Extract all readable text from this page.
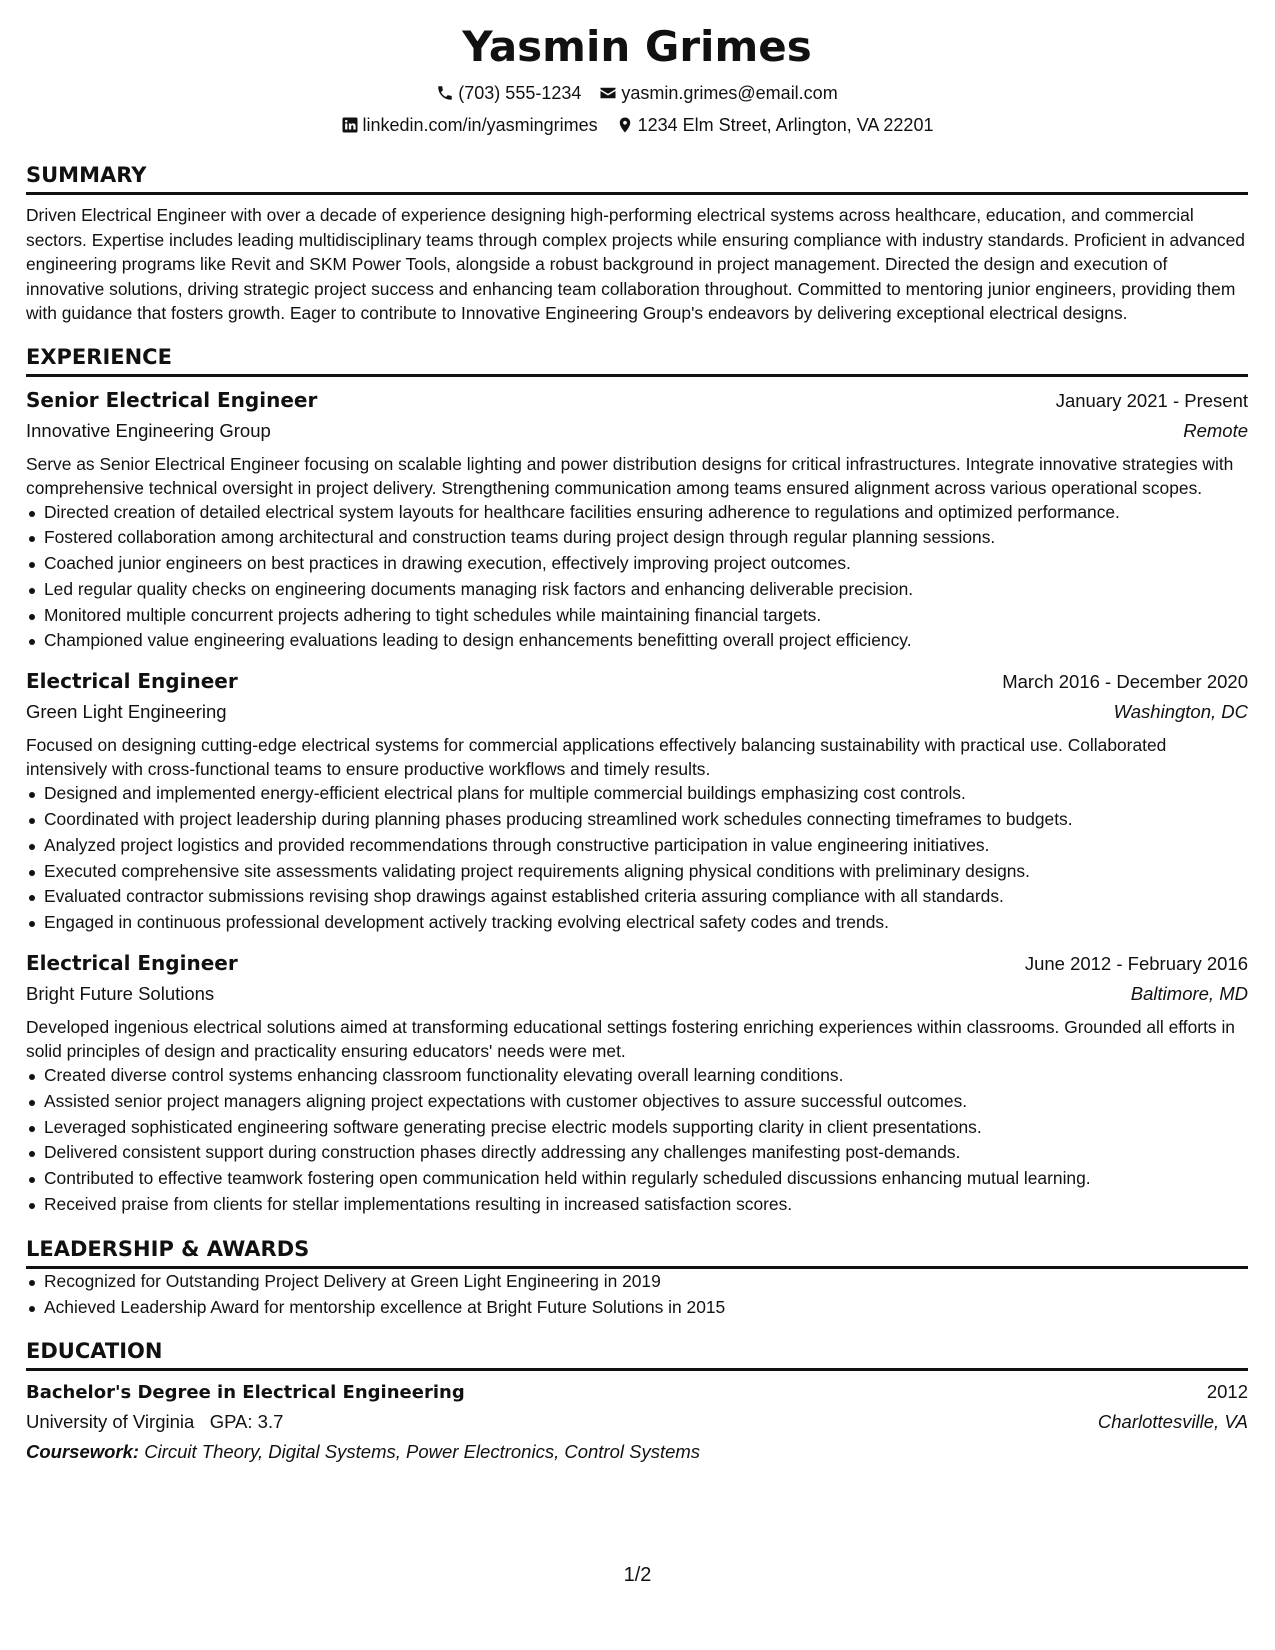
Yasmin Grimes
(703) 555-1234 yasmin.grimes@email.com
linkedin.com/in/yasmingrimes 1234 Elm Street, Arlington, VA 22201
SUMMARY

Driven Electrical Engineer with over a decade of experience designing high-performing electrical systems across healthcare, education, and commercial sectors. Expertise includes leading multidisciplinary teams through complex projects while ensuring compliance with industry standards. Proficient in advanced engineering programs like Revit and SKM Power Tools, alongside a robust background in project management. Directed the design and execution of innovative solutions, driving strategic project success and enhancing team collaboration throughout. Committed to mentoring junior engineers, providing them with guidance that fosters growth. Eager to contribute to Innovative Engineering Group's endeavors by delivering exceptional electrical designs.

EXPERIENCE
Senior Electrical Engineer	January 2021 - Present
Innovative Engineering Group	Remote

Serve as Senior Electrical Engineer focusing on scalable lighting and power distribution designs for critical infrastructures. Integrate innovative strategies with comprehensive technical oversight in project delivery. Strengthening communication among teams ensured alignment across various operational scopes.

Directed creation of detailed electrical system layouts for healthcare facilities ensuring adherence to regulations and optimized performance.
Fostered collaboration among architectural and construction teams during project design through regular planning sessions.
Coached junior engineers on best practices in drawing execution, effectively improving project outcomes.
Led regular quality checks on engineering documents managing risk factors and enhancing deliverable precision.
Monitored multiple concurrent projects adhering to tight schedules while maintaining financial targets.
Championed value engineering evaluations leading to design enhancements benefitting overall project efficiency.
Electrical Engineer	March 2016 - December 2020
Green Light Engineering	Washington, DC

Focused on designing cutting-edge electrical systems for commercial applications effectively balancing sustainability with practical use. Collaborated intensively with cross-functional teams to ensure productive workflows and timely results.

Designed and implemented energy-efficient electrical plans for multiple commercial buildings emphasizing cost controls.
Coordinated with project leadership during planning phases producing streamlined work schedules connecting timeframes to budgets.
Analyzed project logistics and provided recommendations through constructive participation in value engineering initiatives.
Executed comprehensive site assessments validating project requirements aligning physical conditions with preliminary designs.
Evaluated contractor submissions revising shop drawings against established criteria assuring compliance with all standards.
Engaged in continuous professional development actively tracking evolving electrical safety codes and trends.
Electrical Engineer	June 2012 - February 2016
Bright Future Solutions	Baltimore, MD

Developed ingenious electrical solutions aimed at transforming educational settings fostering enriching experiences within classrooms. Grounded all efforts in solid principles of design and practicality ensuring educators' needs were met.

Created diverse control systems enhancing classroom functionality elevating overall learning conditions.
Assisted senior project managers aligning project expectations with customer objectives to assure successful outcomes.
Leveraged sophisticated engineering software generating precise electric models supporting clarity in client presentations.
Delivered consistent support during construction phases directly addressing any challenges manifesting post-demands.
Contributed to effective teamwork fostering open communication held within regularly scheduled discussions enhancing mutual learning.
Received praise from clients for stellar implementations resulting in increased satisfaction scores.
LEADERSHIP & AWARDS
Recognized for Outstanding Project Delivery at Green Light Engineering in 2019
Achieved Leadership Award for mentorship excellence at Bright Future Solutions in 2015
EDUCATION
Bachelor's Degree in Electrical Engineering	2012
University of Virginia GPA: 3.7	Charlottesville, VA
Coursework: Circuit Theory, Digital Systems, Power Electronics, Control Systems
1/2
